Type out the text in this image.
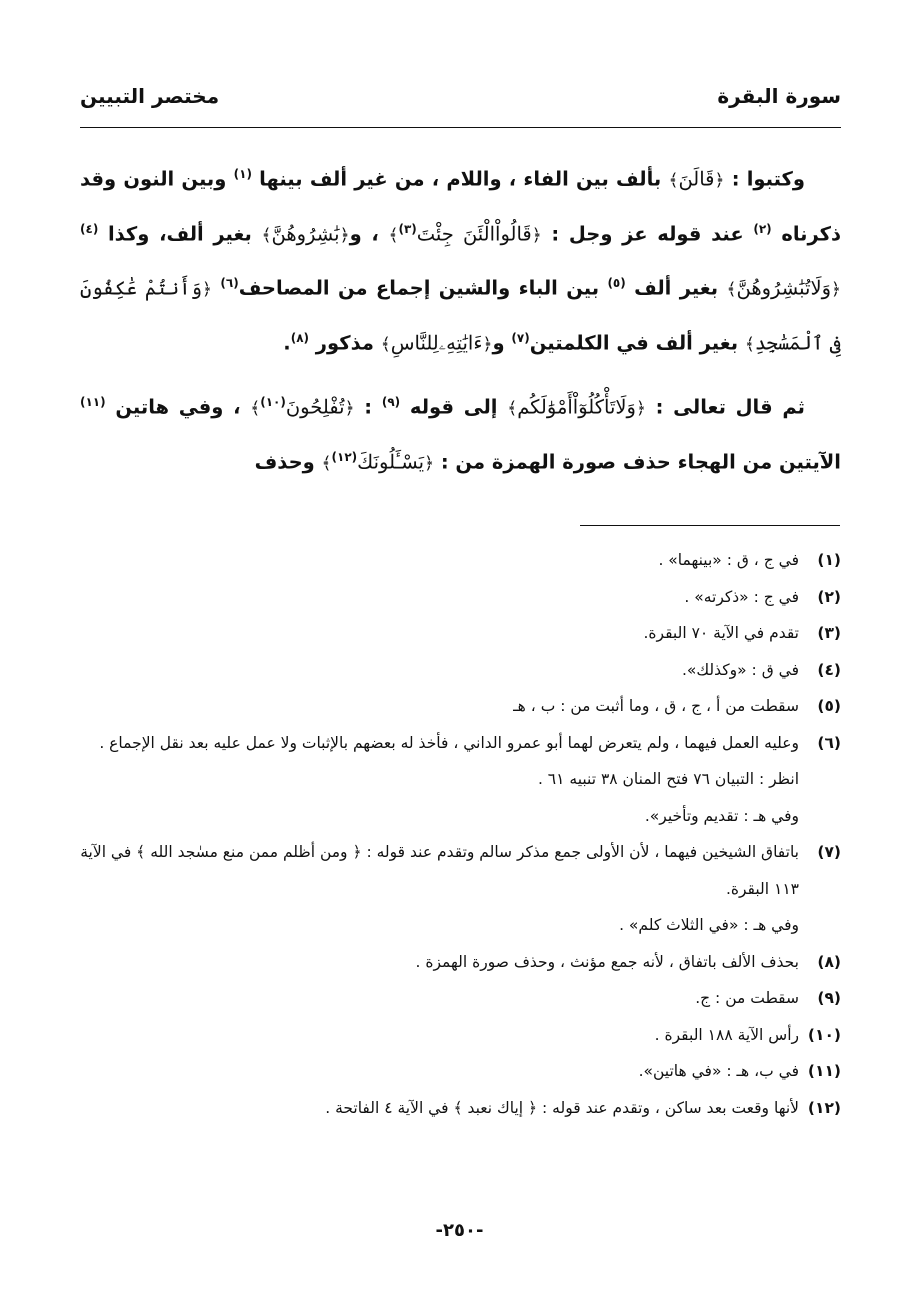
سورة البقرة
مختصر التبيين

وكتبوا : ﴿قَالَنَ﴾ بألف بين الفاء ، واللام ، من غير ألف بينها $^{(١)}$ وبين النون وقد ذكرناه $^{(٢)}$ عند قوله عز وجل : ﴿قَالُواْالْئَنَ جِئْتَ$^{(٣)}$﴾ ، و﴿بَٰشِرُوهُنَّ﴾ بغير ألف، وكذا $^{(٤)}$ ﴿وَلَاتُبَٰشِرُوهُنَّ﴾ بغير ألف $^{(٥)}$ بين الباء والشين إجماع من المصاحف$^{(٦)}$ ﴿وَأَنتُمْ عَٰكِفُونَ فِى ٱلْمَسَٰجِدِ﴾ بغير ألف في الكلمتين$^{(٧)}$ و﴿ءَايَٰتِهِۦلِلنَّاسِ﴾ مذكور $^{(٨)}$.

ثم قال تعالى : ﴿وَلَاتَأْكُلُوٓاْأَمْوَٰلَكُم﴾ إلى قوله $^{(٩)}$ : ﴿تُفْلِحُونَ$^{(١٠)}$﴾ ، وفي هاتين $^{(١١)}$ الآيتين من الهجاء حذف صورة الهمزة من : ﴿يَسْـَٔلُونَكَ$^{(١٢)}$﴾ وحذف

(١)
في ج ، ق : «بينهما» .
(٢)
في ج : «ذكرته» .
(٣)
تقدم في الآية ٧٠ البقرة.
(٤)
في ق : «وكذلك».
(٥)
سقطت من أ ، ج ، ق ، وما أثبت من : ب ، هـ
(٦)
وعليه العمل فيهما ، ولم يتعرض لهما أبو عمرو الداني ، فأخذ له بعضهم بالإثبات ولا عمل عليه بعد نقل الإجماع .
انظر : التبيان ٧٦ فتح المنان ٣٨ تنبيه ٦١ .
وفي هـ : تقديم وتأخير».
(٧)
باتفاق الشيخين فيهما ، لأن الأولى جمع مذكر سالم وتقدم عند قوله : ﴿ ومن أظلم ممن منع مسٰجد الله ﴾ في الآية ١١٣ البقرة.
وفي هـ : «في الثلاث كلم» .
(٨)
بحذف الألف باتفاق ، لأنه جمع مؤنث ، وحذف صورة الهمزة .
(٩)
سقطت من : ج.
(١٠)
رأس الآية ١٨٨ البقرة .
(١١)
في ب، هـ : «في هاتين».
(١٢)
لأنها وقعت بعد ساكن ، وتقدم عند قوله : ﴿ إياك نعبد ﴾ في الآية ٤ الفاتحة .
-٢٥٠-
